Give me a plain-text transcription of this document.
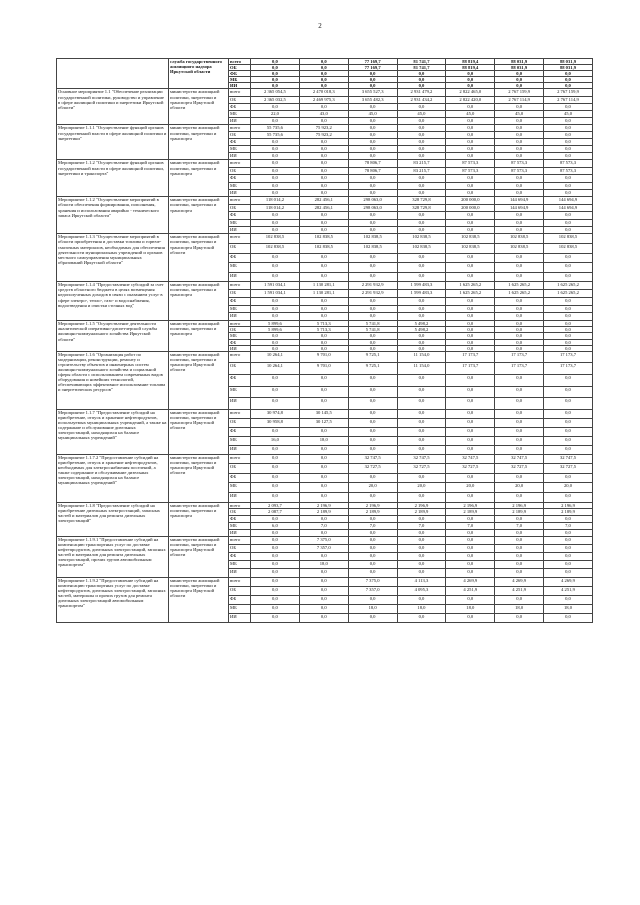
2
	служба государственного жилищного надзора Иркутской области	всего	0,0	0,0	77 169,7	81 741,7	88 819,4	88 031,9	88 031,9
		ОБ	0,0	0,0	77 169,7	81 741,7	88 819,4	88 031,9	88 031,9
		ФБ	0,0	0,0	0,0	0,0	0,0	0,0	0,0
		МБ	0,0	0,0	0,0	0,0	0,0	0,0	0,0
		ИИ	0,0	0,0	0,0	0,0	0,0	0,0	0,0
Основное мероприятие 1.1 "Обеспечение реализации государственной политики, руководство и управление в сфере жилищной политики и энергетики Иркутской области"	министерство жилищной политики, энергетики и транспорта Иркутской области	всего	2 365 054,5	2 470 018,3	3 655 527,3	2 931 479,2	2 822 465,0	2 767 159,9	2 767 159,9
		ОБ	2 365 032,5	2 469 975,3	3 655 482,3	2 931 434,2	2 822 420,0	2 767 114,9	2 767 114,9
		ФБ	0,0	0,0	0,0	0,0	0,0	0,0	0,0
		МБ	22,0	43,0	45,0	45,0	45,0	45,0	45,0
		ИИ	0,0	0,0	0,0	0,0	0,0	0,0	0,0
Мероприятие 1.1.1 "Осуществление функций органов государственной власти в сфере жилищной политики и энергетики"	министерство жилищной политики, энергетики и транспорта	всего	55 735,6	75 923,2	0,0	0,0	0,0	0,0	0,0
		ОБ	55 735,6	75 923,2	0,0	0,0	0,0	0,0	0,0
		ФБ	0,0	0,0	0,0	0,0	0,0	0,0	0,0
		МБ	0,0	0,0	0,0	0,0	0,0	0,0	0,0
		ИИ	0,0	0,0	0,0	0,0	0,0	0,0	0,0
Мероприятие 1.1.2 "Осуществление функций органов государственной власти в сфере жилищной политики, энергетики и транспорта"	министерство жилищной политики, энергетики и транспорта	всего	0,0	0,0	78 806,7	83 215,7	87 573,3	87 573,3	87 573,3
		ОБ	0,0	0,0	78 806,7	83 215,7	87 573,3	87 573,3	87 573,3
		ФБ	0,0	0,0	0,0	0,0	0,0	0,0	0,0
		МБ	0,0	0,0	0,0	0,0	0,0	0,0	0,0
		ИИ	0,0	0,0	0,0	0,0	0,0	0,0	0,0
Мероприятие 1.1.2 "Осуществление мероприятий в области обеспечения формирования, пополнения, хранения и использования аварийно - технического запаса Иркутской области"	министерство жилищной политики, энергетики и транспорта	всего	118 014,2	282 456,1	298 063,0	328 729,8	200 000,0	144 694,9	144 694,9
		ОБ	118 014,2	282 456,1	298 063,0	328 729,8	200 000,0	144 694,9	144 694,9
		ФБ	0,0	0,0	0,0	0,0	0,0	0,0	0,0
		МБ	0,0	0,0	0,0	0,0	0,0	0,0	0,0
		ИИ	0,0	0,0	0,0	0,0	0,0	0,0	0,0
Мероприятие 1.1.3 "Осуществление мероприятий в области приобретения и доставки топлива и горюче-смазочных материалов, необходимых для обеспечения деятельности муниципальных учреждений и органов местного самоуправления муниципальных образований Иркутской области"	министерство жилищной политики, энергетики и транспорта Иркутской области	всего	102 838,5	102 838,5	102 838,5	102 838,5	102 838,5	102 838,5	102 838,5
		ОБ	102 838,5	102 838,5	102 838,5	102 838,5	102 838,5	102 838,5	102 838,5
		ФБ	0,0	0,0	0,0	0,0	0,0	0,0	0,0
		МБ	0,0	0,0	0,0	0,0	0,0	0,0	0,0
		ИИ	0,0	0,0	0,0	0,0	0,0	0,0	0,0
Мероприятие 1.1.4 "Предоставление субсидий за счет средств областного бюджета в целях возмещения недополученных доходов в связи с оказанием услуг в сфере электро-, тепло-, газо- и водоснабжения, водоотведения и очистки сточных вод"	министерство жилищной политики, энергетики и транспорта	всего	1 591 034,1	1 130 281,1	2 291 932,9	1 599 483,3	1 625 265,2	1 625 265,2	1 625 265,2
		ОБ	1 591 034,1	1 130 281,1	2 291 932,9	1 599 483,3	1 625 265,2	1 625 265,2	1 625 265,2
		ФБ	0,0	0,0	0,0	0,0	0,0	0,0	0,0
		МБ	0,0	0,0	0,0	0,0	0,0	0,0	0,0
		ИИ	0,0	0,0	0,0	0,0	0,0	0,0	0,0
Мероприятие 1.1.5 "Осуществление деятельности аналитической оперативно-диспетчерской службы жилищно-коммунального хозяйства Иркутской области"	министерство жилищной политики, энергетики и транспорта	всего	5 899,6	5 713,3	5 741,8	5 498,2	0,0	0,0	0,0
		ОБ	5 899,6	5 713,3	5 741,8	5 498,2	0,0	0,0	0,0
		МБ	0,0	0,0	0,0	0,0	0,0	0,0	0,0
		ФБ	0,0	0,0	0,0	0,0	0,0	0,0	0,0
		ИИ	0,0	0,0	0,0	0,0	0,0	0,0	0,0
Мероприятие 1.1.6 "Организация работ по модернизации, реконструкции, ремонту и строительству объектов и инженерных систем жилищно-коммунального хозяйства и социальной сферы области с использованием современных видов оборудования и новейших технологий, обеспечивающих эффективное использование топлива и энергетических ресурсов"	министерство жилищной политики, энергетики и транспорта Иркутской области	всего	10 264,1	9 701,0	9 725,1	11 154,0	17 173,7	17 173,7	17 173,7
		ОБ	10 264,1	9 701,0	9 725,1	11 154,0	17 173,7	17 173,7	17 173,7
		ФБ	0,0	0,0	0,0	0,0	0,0	0,0	0,0
		МБ	0,0	0,0	0,0	0,0	0,0	0,0	0,0
		ИИ	0,0	0,0	0,0	0,0	0,0	0,0	0,0
Мероприятие 1.1.7 "Предоставление субсидий на приобретение, отпуск и хранение нефтепродуктов, используемых муниципальных учреждений, а также на содержание и обслуживание дизельных электростанций, находящихся на балансе муниципальных учреждений"	министерство жилищной политики, энергетики и транспорта Иркутской области	всего	30 974,8	30 145,5	0,0	0,0	0,0	0,0	0,0
		ОБ	30 958,8	30 127,5	0,0	0,0	0,0	0,0	0,0
		ФБ	0,0	0,0	0,0	0,0	0,0	0,0	0,0
		МБ	16,0	18,0	0,0	0,0	0,0	0,0	0,0
		ИИ	0,0	0,0	0,0	0,0	0,0	0,0	0,0
Мероприятие 1.1.7.2 "Предоставление субсидий на приобретение, отпуск и хранение нефтепродуктов, необходимых для электроснабжения поселений, а также содержание и обслуживание дизельных электростанций, находящихся на балансе муниципальных учреждений"	министерство жилищной политики, энергетики и транспорта Иркутской области	всего	0,0	0,0	32 747,5	32 747,5	32 747,5	32 747,5	32 747,5
		ОБ	0,0	0,0	32 727,5	32 727,5	32 727,5	32 727,5	32 727,5
		ФБ	0,0	0,0	0,0	0,0	0,0	0,0	0,0
		МБ	0,0	0,0	20,0	20,0	20,0	20,0	20,0
		ИИ	0,0	0,0	0,0	0,0	0,0	0,0	0,0
Мероприятие 1.1.8 "Предоставление субсидий на приобретение дизельных электростанций, запасных частей и материалов для ремонта дизельных электростанций"	министерство жилищной политики, энергетики и транспорта	всего	2 093,7	2 196,9	2 196,9	2 196,9	2 196,9	2 196,9	2 196,9
		ОБ	2 087,7	2 189,9	2 189,9	2 189,9	2 189,9	2 189,9	2 189,9
		ФБ	0,0	0,0	0,0	0,0	0,0	0,0	0,0
		МБ	6,0	7,0	7,0	7,0	7,0	7,0	7,0
		ИИ	0,0	0,0	0,0	0,0	0,0	0,0	0,0
Мероприятие 1.1.9.1 "Предоставление субсидий на компенсацию транспортных услуг по доставке нефтепродуктов, дизельных электростанций, запасных частей и материалов для ремонта дизельных электростанций, прочих грузов автомобильным транспортом"	министерство жилищной политики, энергетики и транспорта Иркутской области	всего	0,0	7 375,0	0,0	0,0	0,0	0,0	0,0
		ОБ	0,0	7 357,0	0,0	0,0	0,0	0,0	0,0
		ФБ	0,0	0,0	0,0	0,0	0,0	0,0	0,0
		МБ	0,0	18,0	0,0	0,0	0,0	0,0	0,0
		ИИ	0,0	0,0	0,0	0,0	0,0	0,0	0,0
Мероприятие 1.1.9.2 "Предоставление субсидий на компенсацию транспортных услуг по доставке нефтепродуктов, дизельных электростанций, запасных частей, материалы и прочих грузов для ремонта дизельных электростанций автомобильным транспортом"	министерство жилищной политики, энергетики и транспорта Иркутской области	всего	0,0	0,0	7 375,0	4 113,3	4 269,9	4 269,9	4 269,9
		ОБ	0,0	0,0	7 357,0	4 095,3	4 251,9	4 251,9	4 251,9
		ФБ	0,0	0,0	0,0	0,0	0,0	0,0	0,0
		МБ	0,0	0,0	18,0	18,0	18,0	18,0	18,0
		ИИ	0,0	0,0	0,0	0,0	0,0	0,0	0,0
